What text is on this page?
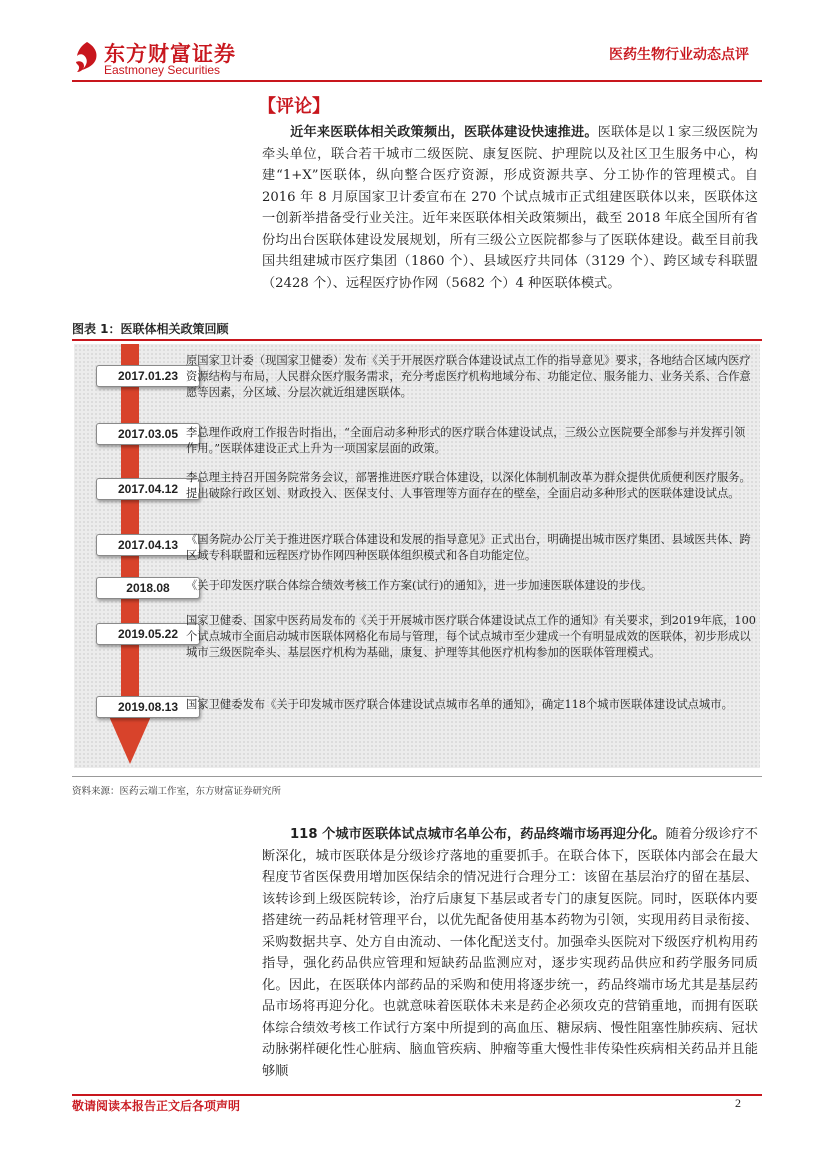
东方财富证券
Eastmoney Securities
医药生物行业动态点评
【评论】
近年来医联体相关政策频出，医联体建设快速推进。医联体是以１家三级医院为牵头单位，联合若干城市二级医院、康复医院、护理院以及社区卫生服务中心，构建“1+X”医联体，纵向整合医疗资源，形成资源共享、分工协作的管理模式。自 2016 年 8 月原国家卫计委宣布在 270 个试点城市正式组建医联体以来，医联体这一创新举措备受行业关注。近年来医联体相关政策频出，截至 2018 年底全国所有省份均出台医联体建设发展规划，所有三级公立医院都参与了医联体建设。截至目前我国共组建城市医疗集团（1860 个）、县域医疗共同体（3129 个）、跨区域专科联盟（2428 个）、远程医疗协作网（5682 个）4 种医联体模式。
图表 1：医联体相关政策回顾
2017.01.23
原国家卫计委（现国家卫健委）发布《关于开展医疗联合体建设试点工作的指导意见》要求，各地结合区域内医疗资源结构与布局，人民群众医疗服务需求，充分考虑医疗机构地域分布、功能定位、服务能力、业务关系、合作意愿等因素，分区域、分层次就近组建医联体。
2017.03.05 李总理作政府工作报告时指出，“全面启动多种形式的医疗联合体建设试点，三级公立医院要全部参与并发挥引领作用。”医联体建设正式上升为一项国家层面的政策。
2017.04.12
李总理主持召开国务院常务会议，部署推进医疗联合体建设，以深化体制机制改革为群众提供优质便利医疗服务。提出破除行政区划、财政投入、医保支付、人事管理等方面存在的壁垒，全面启动多种形式的医联体建设试点。
2017.04.13 《国务院办公厅关于推进医疗联合体建设和发展的指导意见》正式出台，明确提出城市医疗集团、县域医共体、跨区域专科联盟和远程医疗协作网四种医联体组织模式和各自功能定位。
2018.08	《关于印发医疗联合体综合绩效考核工作方案(试行)的通知》，进一步加速医联体建设的步伐。
2019.05.22
国家卫健委、国家中医药局发布的《关于开展城市医疗联合体建设试点工作的通知》有关要求，到2019年底，100个试点城市全面启动城市医联体网格化布局与管理，每个试点城市至少建成一个有明显成效的医联体，初步形成以城市三级医院牵头、基层医疗机构为基础，康复、护理等其他医疗机构参加的医联体管理模式。
2019.08.13 国家卫健委发布《关于印发城市医疗联合体建设试点城市名单的通知》，确定118个城市医联体建设试点城市。
资料来源：医药云端工作室，东方财富证券研究所
118 个城市医联体试点城市名单公布，药品终端市场再迎分化。随着分级诊疗不断深化，城市医联体是分级诊疗落地的重要抓手。在联合体下，医联体内部会在最大程度节省医保费用增加医保结余的情况进行合理分工：该留在基层治疗的留在基层、该转诊到上级医院转诊，治疗后康复下基层或者专门的康复医院。同时，医联体内要搭建统一药品耗材管理平台，以优先配备使用基本药物为引领，实现用药目录衔接、采购数据共享、处方自由流动、一体化配送支付。加强牵头医院对下级医疗机构用药指导，强化药品供应管理和短缺药品监测应对，逐步实现药品供应和药学服务同质化。因此，在医联体内部药品的采购和使用将逐步统一，药品终端市场尤其是基层药品市场将再迎分化。也就意味着医联体未来是药企必须攻克的营销重地，而拥有医联体综合绩效考核工作试行方案中所提到的高血压、糖尿病、慢性阻塞性肺疾病、冠状动脉粥样硬化性心脏病、脑血管疾病、肿瘤等重大慢性非传染性疾病相关药品并且能够顺
敬请阅读本报告正文后各项声明	2
